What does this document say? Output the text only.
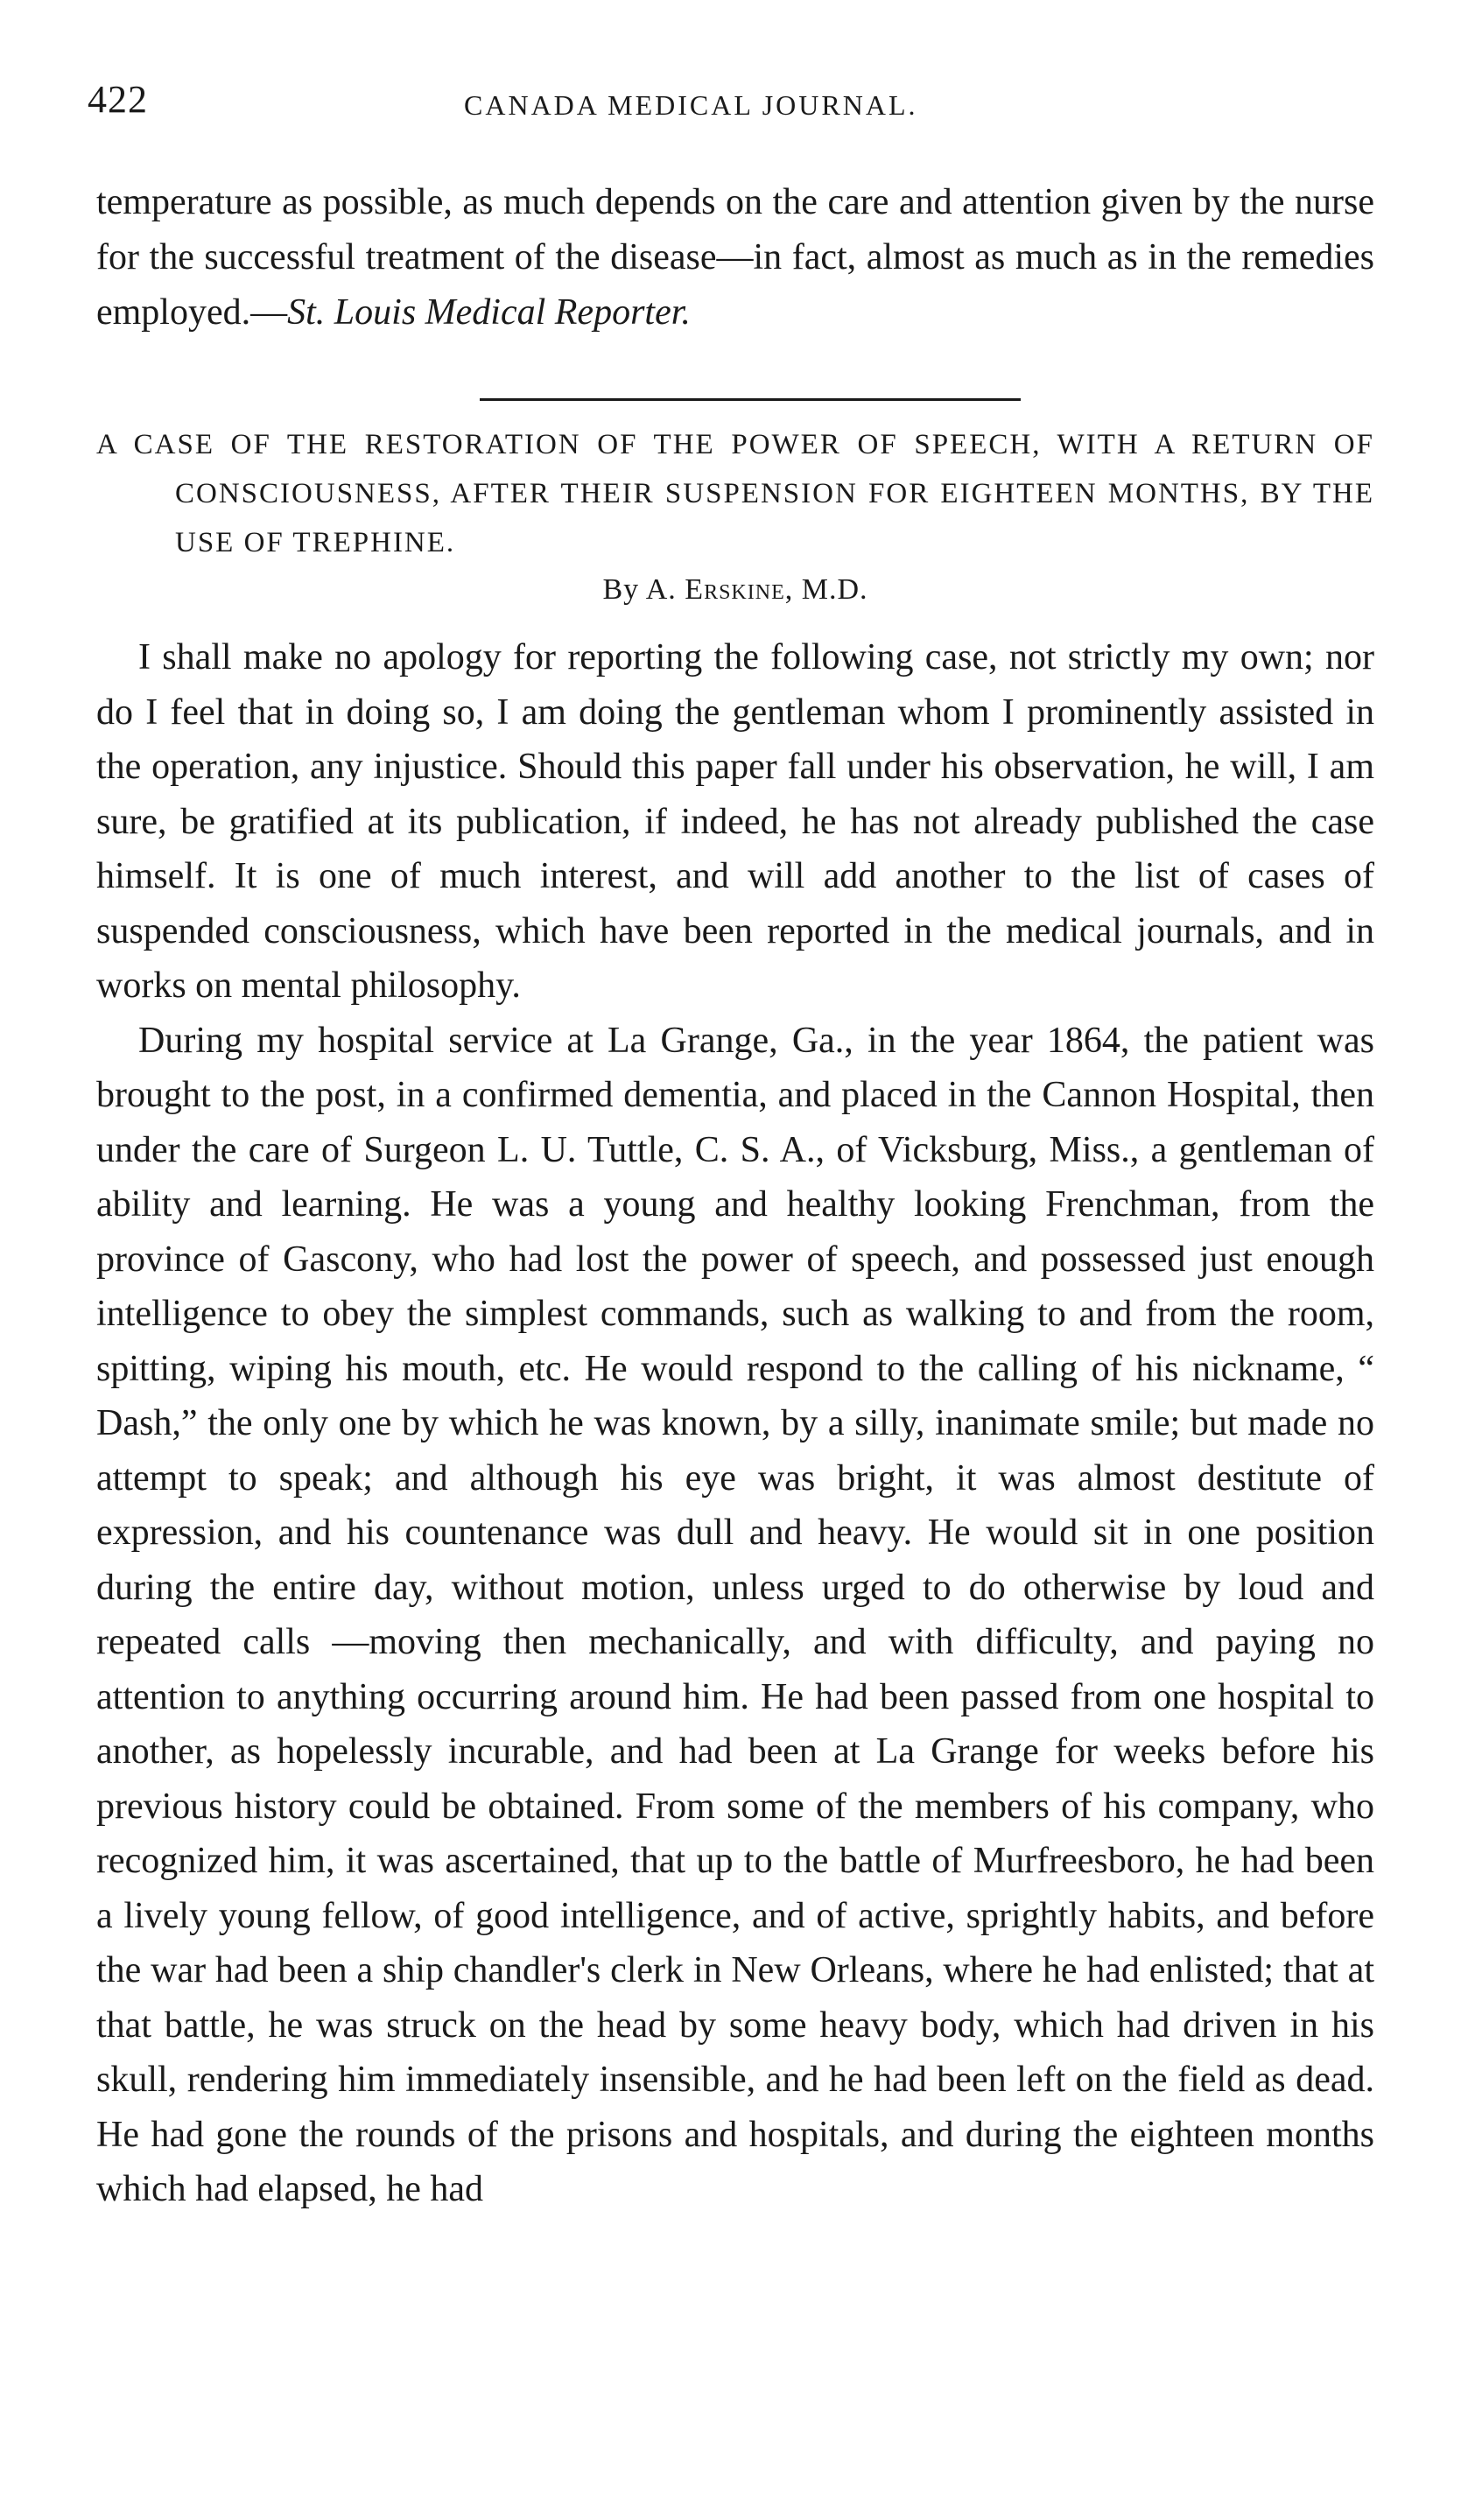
422	CANADA MEDICAL JOURNAL.
temperature as possible, as much depends on the care and attention given by the nurse for the successful treatment of the disease—in fact, almost as much as in the remedies employed.—St. Louis Medical Reporter.
A CASE OF THE RESTORATION OF THE POWER OF SPEECH, WITH A RETURN OF CONSCIOUSNESS, AFTER THEIR SUSPENSION FOR EIGHTEEN MONTHS, BY THE USE OF TREPHINE.
By A. Erskine, M.D.

I shall make no apology for reporting the following case, not strictly my own; nor do I feel that in doing so, I am doing the gentleman whom I prominently assisted in the operation, any injustice. Should this paper fall under his observation, he will, I am sure, be gratified at its publication, if indeed, he has not already published the case himself. It is one of much interest, and will add another to the list of cases of suspended consciousness, which have been reported in the medical journals, and in works on mental philosophy.

During my hospital service at La Grange, Ga., in the year 1864, the patient was brought to the post, in a confirmed dementia, and placed in the Cannon Hospital, then under the care of Surgeon L. U. Tuttle, C. S. A., of Vicksburg, Miss., a gentleman of ability and learning. He was a young and healthy looking Frenchman, from the province of Gascony, who had lost the power of speech, and possessed just enough intelligence to obey the simplest commands, such as walking to and from the room, spitting, wiping his mouth, etc. He would respond to the calling of his nickname, “ Dash,” the only one by which he was known, by a silly, inanimate smile; but made no attempt to speak; and although his eye was bright, it was almost destitute of expression, and his countenance was dull and heavy. He would sit in one position during the entire day, without motion, unless urged to do otherwise by loud and repeated calls —moving then mechanically, and with difficulty, and paying no attention to anything occurring around him. He had been passed from one hospital to another, as hopelessly incurable, and had been at La Grange for weeks before his previous history could be obtained. From some of the members of his company, who recognized him, it was ascertained, that up to the battle of Murfreesboro, he had been a lively young fellow, of good intelligence, and of active, sprightly habits, and before the war had been a ship chandler's clerk in New Orleans, where he had enlisted; that at that battle, he was struck on the head by some heavy body, which had driven in his skull, rendering him immediately insensible, and he had been left on the field as dead. He had gone the rounds of the prisons and hospitals, and during the eighteen months which had elapsed, he had
